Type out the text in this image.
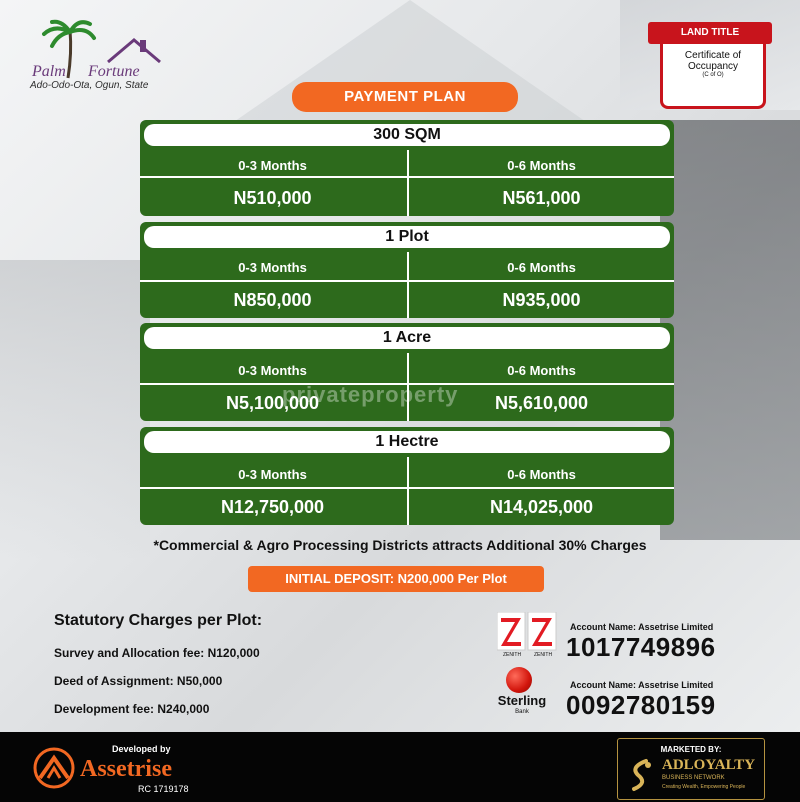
Palm Fortune
Ado-Odo-Ota, Ogun, State
Certificate of
Occupancy
(C of O)
LAND TITLE
PAYMENT PLAN
300 SQM
0-3 Months
N510,000
0-6 Months
N561,000
1 Plot
0-3 Months
N850,000
0-6 Months
N935,000
1 Acre
0-3 Months
N5,100,000
0-6 Months
N5,610,000
1 Hectre
0-3 Months
N12,750,000
0-6 Months
N14,025,000
privateproperty
*Commercial & Agro Processing Districts attracts Additional 30% Charges
INITIAL DEPOSIT: N200,000 Per Plot
Statutory Charges per Plot:
Survey and Allocation fee: N120,000
Deed of Assignment: N50,000
Development fee: N240,000
ZENITH	ZENITH
Account Name: Assetrise Limited
1017749896
Sterling
Bank
Account Name: Assetrise Limited
0092780159
Developed by
Assetrise
RC 1719178
MARKETED BY:
ADLOYALTY
BUSINESS NETWORK
Creating Wealth, Empowering People
